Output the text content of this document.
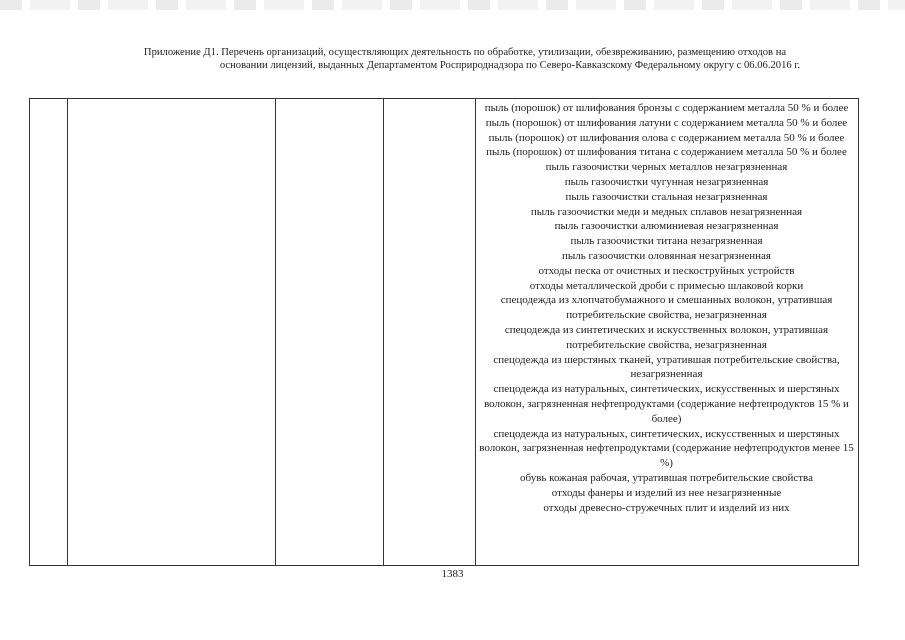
Приложение Д1. Перечень организаций, осуществляющих деятельность по обработке, утилизации, обезвреживанию, размещению отходов на
основании лицензий, выданных Департаментом Росприроднадзора по Северо-Кавказскому Федеральному округу с 06.06.2016 г.
пыль (порошок) от шлифования бронзы с содержанием металла 50 % и более
пыль (порошок) от шлифования латуни с содержанием металла 50 % и более
пыль (порошок) от шлифования олова с содержанием металла 50 % и более
пыль (порошок) от шлифования титана с содержанием металла 50 % и более
пыль газоочистки черных металлов незагрязненная
пыль газоочистки чугунная незагрязненная
пыль газоочистки стальная незагрязненная
пыль газоочистки меди и медных сплавов незагрязненная
пыль газоочистки алюминиевая незагрязненная
пыль газоочистки титана незагрязненная
пыль газоочистки оловянная незагрязненная
отходы песка от очистных и пескоструйных устройств
отходы металлической дроби с примесью шлаковой корки
спецодежда из хлопчатобумажного и смешанных волокон, утратившая потребительские свойства, незагрязненная
спецодежда из синтетических и искусственных волокон, утратившая потребительские свойства, незагрязненная
спецодежда из шерстяных тканей, утратившая потребительские свойства, незагрязненная
спецодежда из натуральных, синтетических, искусственных и шерстяных волокон, загрязненная нефтепродуктами (содержание нефтепродуктов 15 % и более)
спецодежда из натуральных, синтетических, искусственных и шерстяных волокон, загрязненная нефтепродуктами (содержание нефтепродуктов менее 15 %)
обувь кожаная рабочая, утратившая потребительские свойства
отходы фанеры и изделий из нее незагрязненные
отходы древесно-стружечных плит и изделий из них
1383
